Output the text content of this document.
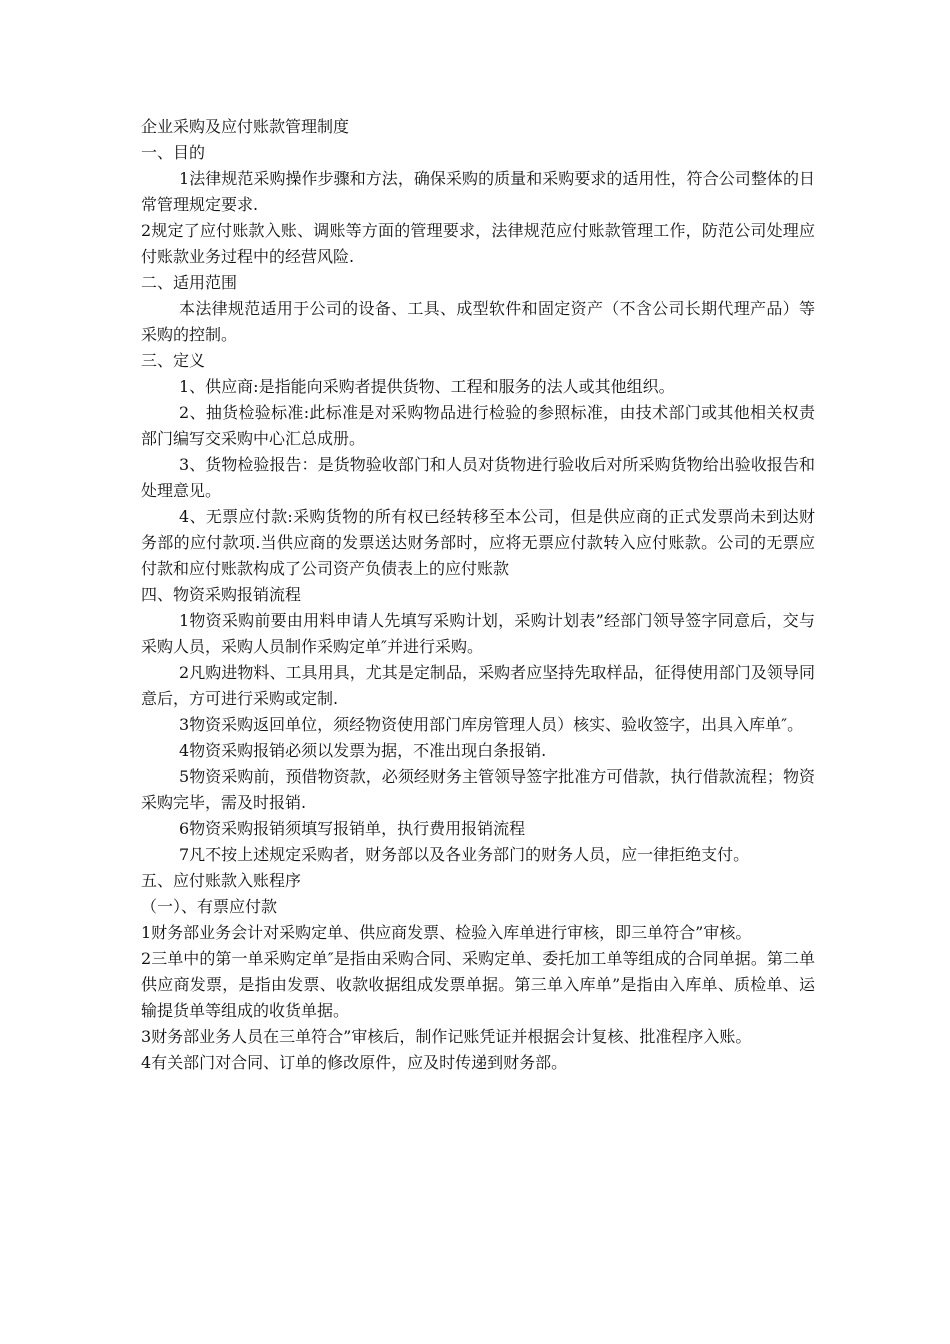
企业采购及应付账款管理制度

一、目的

1法律规范采购操作步骤和方法，确保采购的质量和采购要求的适用性，符合公司整体的日常管理规定要求.

2规定了应付账款入账、调账等方面的管理要求，法律规范应付账款管理工作，防范公司处理应付账款业务过程中的经营风险.

二、适用范围

本法律规范适用于公司的设备、工具、成型软件和固定资产（不含公司长期代理产品）等采购的控制。

三、定义

1、供应商:是指能向采购者提供货物、工程和服务的法人或其他组织。

2、抽货检验标准:此标准是对采购物品进行检验的参照标准，由技术部门或其他相关权责部门编写交采购中心汇总成册。

3、货物检验报告：是货物验收部门和人员对货物进行验收后对所采购货物给出验收报告和处理意见。

4、无票应付款:采购货物的所有权已经转移至本公司，但是供应商的正式发票尚未到达财务部的应付款项.当供应商的发票送达财务部时，应将无票应付款转入应付账款。公司的无票应付款和应付账款构成了公司资产负债表上的应付账款

四、物资采购报销流程

1物资采购前要由用料申请人先填写采购计划，采购计划表”经部门领导签字同意后，交与采购人员，采购人员制作采购定单″并进行采购。

2凡购进物料、工具用具，尤其是定制品，采购者应坚持先取样品，征得使用部门及领导同意后，方可进行采购或定制.

3物资采购返回单位，须经物资使用部门库房管理人员）核实、验收签字，出具入库单″。

4物资采购报销必须以发票为据，不准出现白条报销.

5物资采购前，预借物资款，必须经财务主管领导签字批准方可借款，执行借款流程；物资采购完毕，需及时报销.

6物资采购报销须填写报销单，执行费用报销流程

7凡不按上述规定采购者，财务部以及各业务部门的财务人员，应一律拒绝支付。

五、应付账款入账程序

（一）、有票应付款

1财务部业务会计对采购定单、供应商发票、检验入库单进行审核，即三单符合”审核。

2三单中的第一单采购定单″是指由采购合同、采购定单、委托加工单等组成的合同单据。第二单供应商发票，是指由发票、收款收据组成发票单据。第三单入库单”是指由入库单、质检单、运输提货单等组成的收货单据。

3财务部业务人员在三单符合”审核后，制作记账凭证并根据会计复核、批准程序入账。

4有关部门对合同、订单的修改原件，应及时传递到财务部。
